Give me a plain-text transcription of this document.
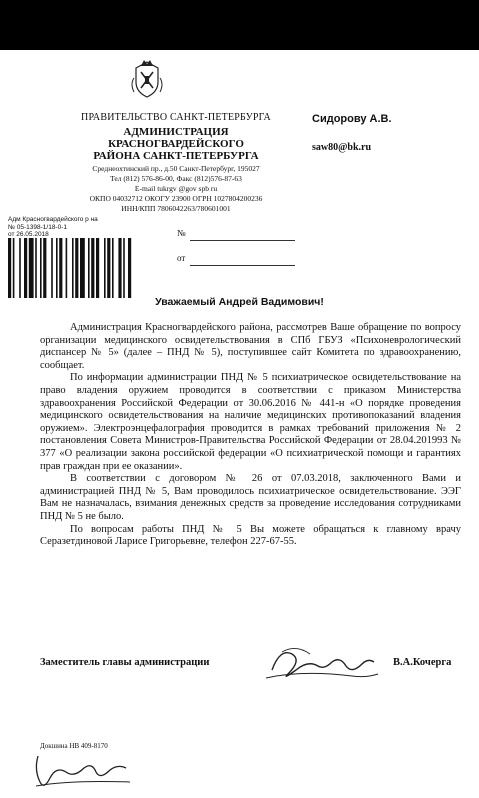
ПРАВИТЕЛЬСТВО САНКТ-ПЕТЕРБУРГА
АДМИНИСТРАЦИЯ КРАСНОГВАРДЕЙСКОГО
РАЙОНА САНКТ-ПЕТЕРБУРГА
Среднеохтинский пр., д.50 Санкт-Петербург, 195027
Тел (812) 576-86-00, Факс (812)576-87-63
E-mail tukrgv @gov spb ru
ОКПО 04032712 ОКОГУ 23900 ОГРН 1027804200236
ИНН/КПП 7806042263/780601001
Сидорову А.В.
saw80@bk.ru
Адм Красногвардейского р на
№ 05-1398-1/18-0-1
от 26.05.2018	№
от
Уважаемый Андрей Вадимович!

Администрация Красногвардейского района, рассмотрев Ваше обращение по вопросу организации медицинского освидетельствования в СПб ГБУЗ «Психоневрологический диспансер № 5» (далее – ПНД № 5), поступившее сайт Комитета по здравоохранению, сообщает.

По информации администрации ПНД № 5 психиатрическое освидетельствование на право владения оружием проводится в соответствии с приказом Министерства здравоохранения Российской Федерации от 30.06.2016 № 441-н «О порядке проведения медицинского освидетельствования на наличие медицинских противопоказаний владения оружием». Электроэнцефалография проводится в рамках требований приложения № 2 постановления Совета Министров-Правительства Российской Федерации от 28.04.201993 № 377 «О реализации закона российской федерации «О психиатрической помощи и гарантиях прав граждан при ее оказании».

В соответствии с договором № 26 от 07.03.2018, заключенного Вами и администрацией ПНД № 5, Вам проводилось психиатрическое освидетельствование. ЭЭГ Вам не назначалась, взимания денежных средств за проведение исследования сотрудниками ПНД № 5 не было.

По вопросам работы ПНД № 5 Вы можете обращаться к главному врачу Серазетдиновой Ларисе Григорьевне, телефон 227-67-55.

Заместитель главы администрации	В.А.Кочерга
Докшина НВ 409-8170
